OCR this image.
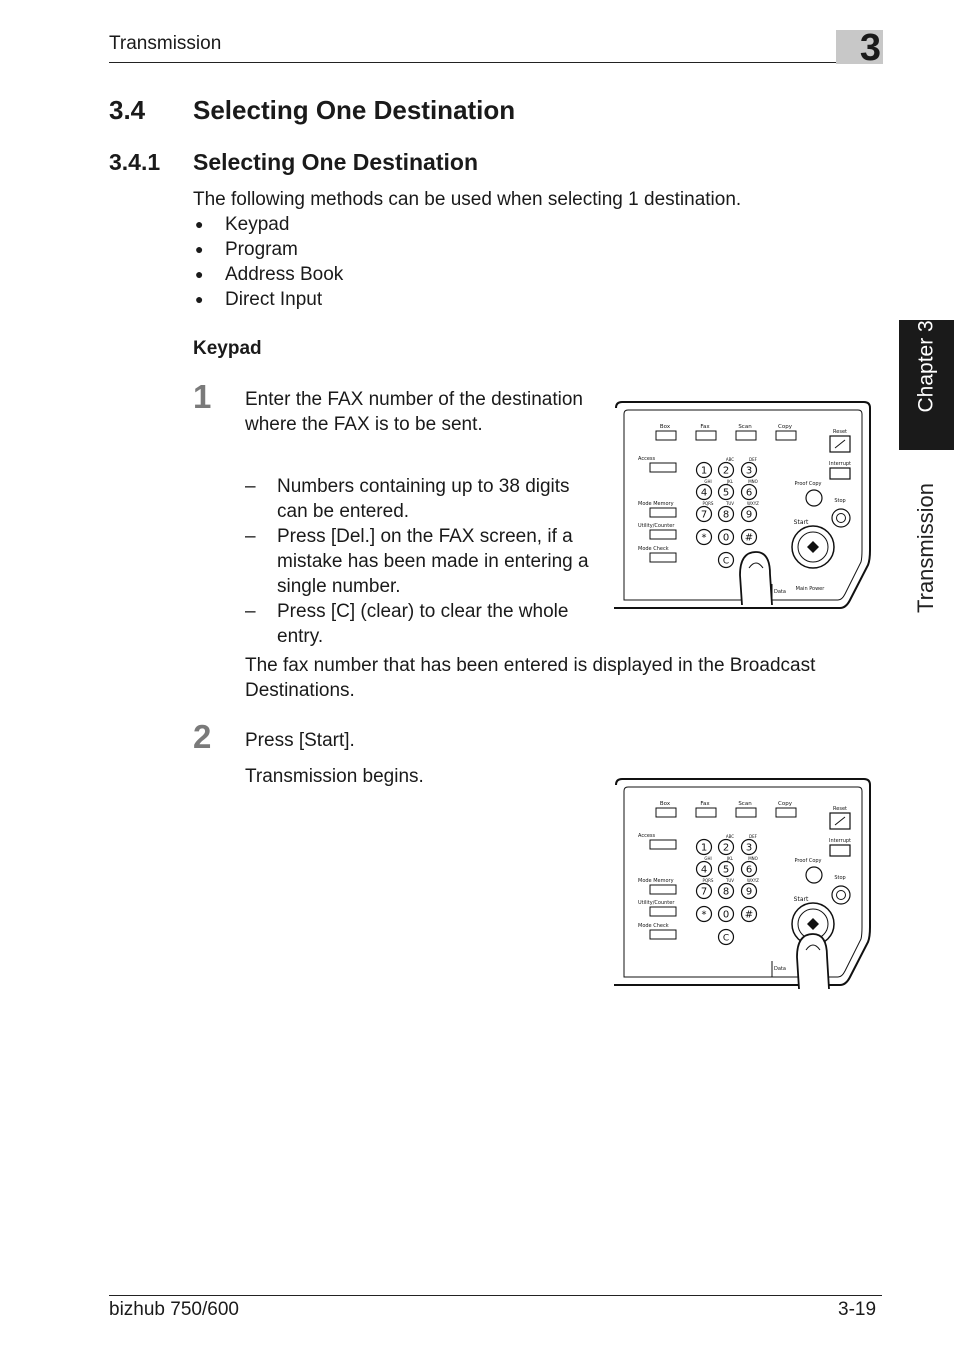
Transmission	3
Chapter 3
Transmission
3.4 Selecting One Destination
3.4.1 Selecting One Destination
The following methods can be used when selecting 1 destination.
●	Keypad
●	Program
●	Address Book
●	Direct Input
Keypad
1 Enter the FAX number of the destination where the FAX is to be sent.
–	Numbers containing up to 38 digits can be entered.
–	Press [Del.] on the FAX screen, if a mistake has been made in entering a single number.
–	Press [C] (clear) to clear the whole entry.
The fax number that has been entered is displayed in the Broadcast Destinations.
2 Press [Start].
Transmission begins.
Box	Fax	Scan	Copy
Access
Mode Memory
Utility/Counter
Mode Check
1 2 3
4 5 6
7 8 9
* 0 #
C
ABC	DEF
GHI	JKL	MNO
PQRS	TUV	WXYZ
Reset
Interrupt
Proof Copy
Stop
Start
Data Main Power
Box	Fax	Scan	Copy
Access
Mode Memory
Utility/Counter
Mode Check
1 2 3
4 5 6
7 8 9
* 0 #
C
ABC	DEF
GHI	JKL	MNO
PQRS	TUV	WXYZ
Reset
Interrupt
Proof Copy
Stop
Start
Data
bizhub 750/600	3-19
